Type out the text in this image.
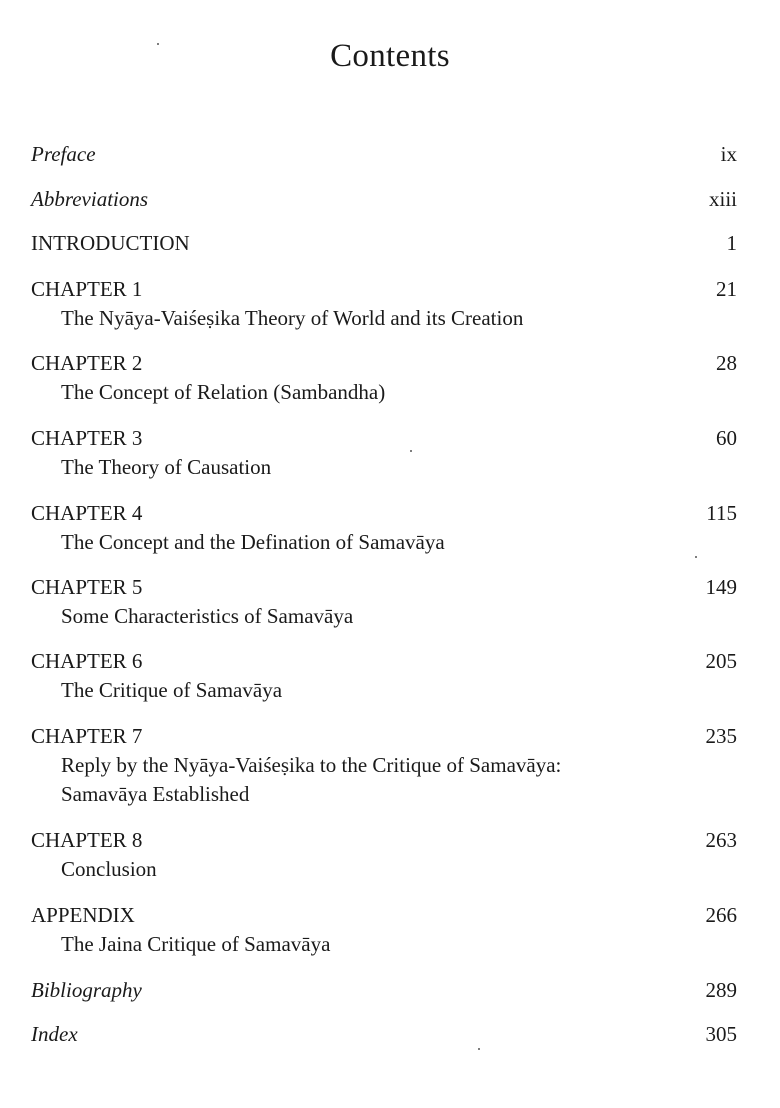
Contents
Preface	ix
Abbreviations	xiii
INTRODUCTION	1
CHAPTER 1	21
The Nyāya-Vaiśeṣika Theory of World and its Creation
CHAPTER 2	28
The Concept of Relation (Sambandha)
CHAPTER 3	60
The Theory of Causation
CHAPTER 4	115
The Concept and the Defination of Samavāya
CHAPTER 5	149
Some Characteristics of Samavāya
CHAPTER 6	205
The Critique of Samavāya
CHAPTER 7	235
Reply by the Nyāya-Vaiśeṣika to the Critique of Samavāya:
Samavāya Established
CHAPTER 8	263
Conclusion
APPENDIX	266
The Jaina Critique of Samavāya
Bibliography	289
Index	305
